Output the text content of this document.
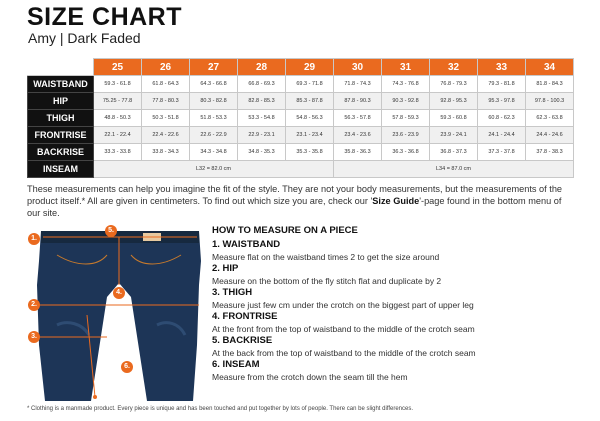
SIZE CHART
Amy | Dark Faded
	25	26	27	28	29	30	31	32	33	34
WAISTBAND	59.3 - 61.8	61.8 - 64.3	64.3 - 66.8	66.8 - 69.3	69.3 - 71.8	71.8 - 74.3	74.3 - 76.8	76.8 - 79.3	79.3 - 81.8	81.8 - 84.3
HIP	75.25 - 77.8	77.8 - 80.3	80.3 - 82.8	82.8 - 85.3	85.3 - 87.8	87.8 - 90.3	90.3 - 92.8	92.8 - 95.3	95.3 - 97.8	97.8 - 100.3
THIGH	48.8 - 50.3	50.3 - 51.8	51.8 - 53.3	53.3 - 54.8	54.8 - 56.3	56.3 - 57.8	57.8 - 59.3	59.3 - 60.8	60.8 - 62.3	62.3 - 63.8
FRONTRISE	22.1 - 22.4	22.4 - 22.6	22.6 - 22.9	22.9 - 23.1	23.1 - 23.4	23.4 - 23.6	23.6 - 23.9	23.9 - 24.1	24.1 - 24.4	24.4 - 24.6
BACKRISE	33.3 - 33.8	33.8 - 34.3	34.3 - 34.8	34.8 - 35.3	35.3 - 35.8	35.8 - 36.3	36.3 - 36.8	36.8 - 37.3	37.3 - 37.8	37.8 - 38.3
INSEAM	L32 = 82.0 cm					L34 = 87.0 cm				
These measurements can help you imagine the fit of the style. They are not your body measurements, but the measurements of the product itself.* All are given in centimeters. To find out which size you are, check our 'Size Guide'-page found in the bottom menu of our site.
1.
2.
3.
4.
5.
6.
HOW TO MEASURE ON A PIECE
1. WAISTBAND
Measure flat on the waistband times 2 to get the size around
2. HIP
Measure on the bottom of the fly stitch flat and duplicate by 2
3. THIGH
Measure just few cm under the crotch on the biggest part of upper leg
4. FRONTRISE
At the front from the top of waistband to the middle of the crotch seam
5. BACKRISE
At the back from the top of waistband to the middle of the crotch seam
6. INSEAM
Measure from the crotch down the seam till the hem
* Clothing is a manmade product. Every piece is unique and has been touched and put together by lots of people. There can be slight differences.
